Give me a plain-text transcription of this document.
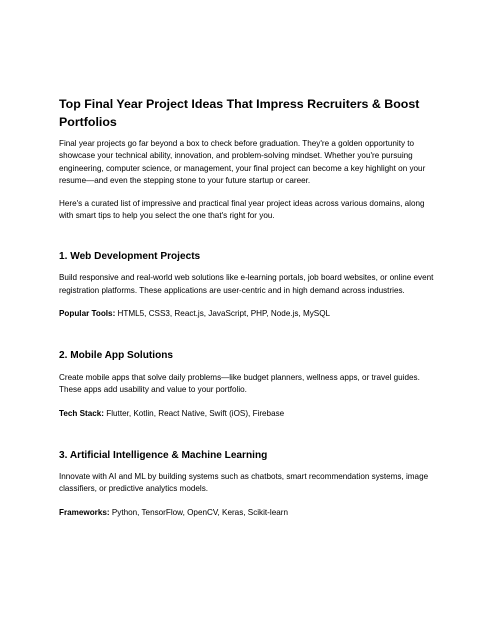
Top Final Year Project Ideas That Impress Recruiters & Boost Portfolios

Final year projects go far beyond a box to check before graduation. They're a golden opportunity to showcase your technical ability, innovation, and problem-solving mindset. Whether you're pursuing engineering, computer science, or management, your final project can become a key highlight on your resume—and even the stepping stone to your future startup or career.

Here's a curated list of impressive and practical final year project ideas across various domains, along with smart tips to help you select the one that's right for you.

1. Web Development Projects

Build responsive and real-world web solutions like e-learning portals, job board websites, or online event registration platforms. These applications are user-centric and in high demand across industries.

Popular Tools: HTML5, CSS3, React.js, JavaScript, PHP, Node.js, MySQL

2. Mobile App Solutions

Create mobile apps that solve daily problems—like budget planners, wellness apps, or travel guides. These apps add usability and value to your portfolio.

Tech Stack: Flutter, Kotlin, React Native, Swift (iOS), Firebase

3. Artificial Intelligence & Machine Learning

Innovate with AI and ML by building systems such as chatbots, smart recommendation systems, image classifiers, or predictive analytics models.

Frameworks: Python, TensorFlow, OpenCV, Keras, Scikit-learn
